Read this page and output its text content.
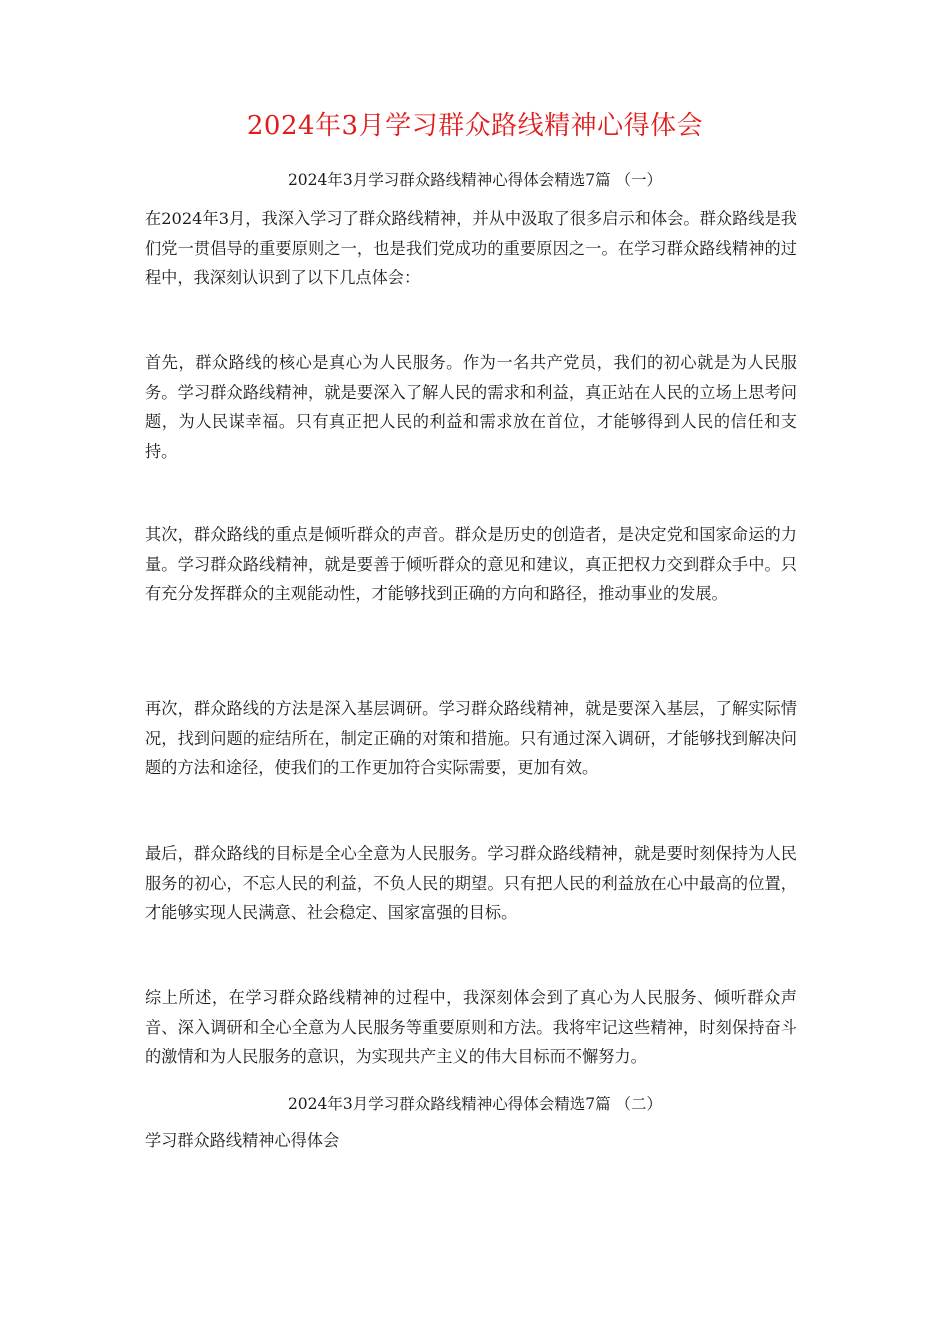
2024年3月学习群众路线精神心得体会
2024年3月学习群众路线精神心得体会精选7篇 （一）

在2024年3月，我深入学习了群众路线精神，并从中汲取了很多启示和体会。群众路线是我们党一贯倡导的重要原则之一，也是我们党成功的重要原因之一。在学习群众路线精神的过程中，我深刻认识到了以下几点体会：

首先，群众路线的核心是真心为人民服务。作为一名共产党员，我们的初心就是为人民服务。学习群众路线精神，就是要深入了解人民的需求和利益，真正站在人民的立场上思考问题，为人民谋幸福。只有真正把人民的利益和需求放在首位，才能够得到人民的信任和支持。

其次，群众路线的重点是倾听群众的声音。群众是历史的创造者，是决定党和国家命运的力量。学习群众路线精神，就是要善于倾听群众的意见和建议，真正把权力交到群众手中。只有充分发挥群众的主观能动性，才能够找到正确的方向和路径，推动事业的发展。

再次，群众路线的方法是深入基层调研。学习群众路线精神，就是要深入基层，了解实际情况，找到问题的症结所在，制定正确的对策和措施。只有通过深入调研，才能够找到解决问题的方法和途径，使我们的工作更加符合实际需要，更加有效。

最后，群众路线的目标是全心全意为人民服务。学习群众路线精神，就是要时刻保持为人民服务的初心，不忘人民的利益，不负人民的期望。只有把人民的利益放在心中最高的位置，才能够实现人民满意、社会稳定、国家富强的目标。

综上所述，在学习群众路线精神的过程中，我深刻体会到了真心为人民服务、倾听群众声音、深入调研和全心全意为人民服务等重要原则和方法。我将牢记这些精神，时刻保持奋斗的激情和为人民服务的意识，为实现共产主义的伟大目标而不懈努力。

2024年3月学习群众路线精神心得体会精选7篇 （二）

学习群众路线精神心得体会
